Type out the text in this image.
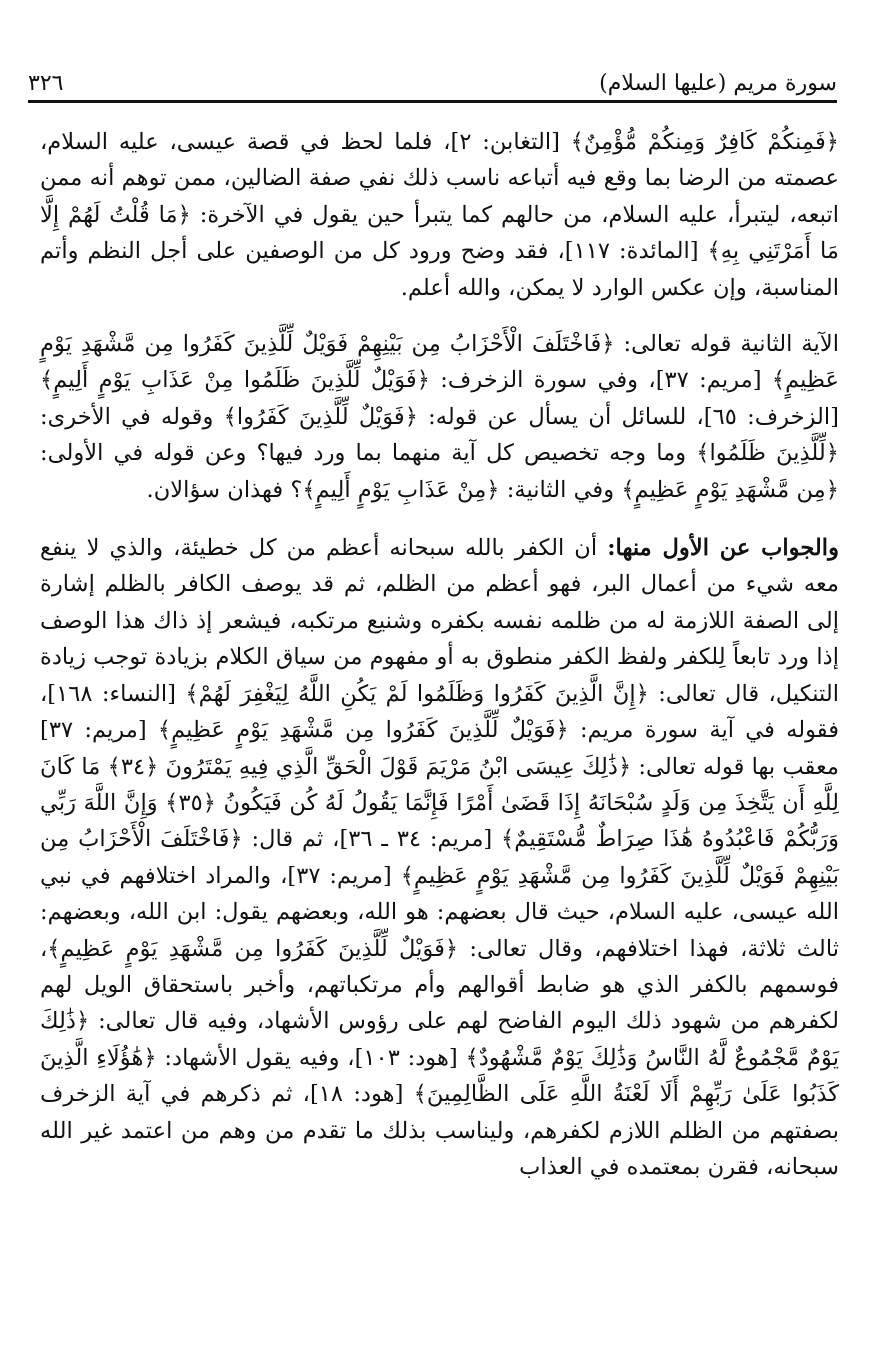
سورة مريم (عليها السلام)
٣٢٦

﴿فَمِنكُمْ كَافِرٌ وَمِنكُمْ مُّؤْمِنٌ﴾ [التغابن: ٢]، فلما لحظ في قصة عيسى، عليه السلام، عصمته من الرضا بما وقع فيه أتباعه ناسب ذلك نفي صفة الضالين، ممن توهم أنه ممن اتبعه، ليتبرأ، عليه السلام، من حالهم كما يتبرأ حين يقول في الآخرة: ﴿مَا قُلْتُ لَهُمْ إِلَّا مَا أَمَرْتَنِي بِهِ﴾ [المائدة: ١١٧]، فقد وضح ورود كل من الوصفين على أجل النظم وأتم المناسبة، وإن عكس الوارد لا يمكن، والله أعلم.

الآية الثانية قوله تعالى: ﴿فَاخْتَلَفَ الْأَحْزَابُ مِن بَيْنِهِمْ فَوَيْلٌ لِّلَّذِينَ كَفَرُوا مِن مَّشْهَدِ يَوْمٍ عَظِيمٍ﴾ [مريم: ٣٧]، وفي سورة الزخرف: ﴿فَوَيْلٌ لِّلَّذِينَ ظَلَمُوا مِنْ عَذَابِ يَوْمٍ أَلِيمٍ﴾ [الزخرف: ٦٥]، للسائل أن يسأل عن قوله: ﴿فَوَيْلٌ لِّلَّذِينَ كَفَرُوا﴾ وقوله في الأخرى: ﴿لِّلَّذِينَ ظَلَمُوا﴾ وما وجه تخصيص كل آية منهما بما ورد فيها؟ وعن قوله في الأولى: ﴿مِن مَّشْهَدِ يَوْمٍ عَظِيمٍ﴾ وفي الثانية: ﴿مِنْ عَذَابِ يَوْمٍ أَلِيمٍ﴾؟ فهذان سؤالان.

والجواب عن الأول منها: أن الكفر بالله سبحانه أعظم من كل خطيئة، والذي لا ينفع معه شيء من أعمال البر، فهو أعظم من الظلم، ثم قد يوصف الكافر بالظلم إشارة إلى الصفة اللازمة له من ظلمه نفسه بكفره وشنيع مرتكبه، فيشعر إذ ذاك هذا الوصف إذا ورد تابعاً لِلكفر ولفظ الكفر منطوق به أو مفهوم من سياق الكلام بزيادة توجب زيادة التنكيل، قال تعالى: ﴿إِنَّ الَّذِينَ كَفَرُوا وَظَلَمُوا لَمْ يَكُنِ اللَّهُ لِيَغْفِرَ لَهُمْ﴾ [النساء: ١٦٨]، فقوله في آية سورة مريم: ﴿فَوَيْلٌ لِّلَّذِينَ كَفَرُوا مِن مَّشْهَدِ يَوْمٍ عَظِيمٍ﴾ [مريم: ٣٧] معقب بها قوله تعالى: ﴿ذَٰلِكَ عِيسَى ابْنُ مَرْيَمَ قَوْلَ الْحَقِّ الَّذِي فِيهِ يَمْتَرُونَ ﴿٣٤﴾ مَا كَانَ لِلَّهِ أَن يَتَّخِذَ مِن وَلَدٍ سُبْحَانَهُ إِذَا قَضَىٰ أَمْرًا فَإِنَّمَا يَقُولُ لَهُ كُن فَيَكُونُ ﴿٣٥﴾ وَإِنَّ اللَّهَ رَبِّي وَرَبُّكُمْ فَاعْبُدُوهُ هَٰذَا صِرَاطٌ مُّسْتَقِيمٌ﴾ [مريم: ٣٤ ـ ٣٦]، ثم قال: ﴿فَاخْتَلَفَ الْأَحْزَابُ مِن بَيْنِهِمْ فَوَيْلٌ لِّلَّذِينَ كَفَرُوا مِن مَّشْهَدِ يَوْمٍ عَظِيمٍ﴾ [مريم: ٣٧]، والمراد اختلافهم في نبي الله عيسى، عليه السلام، حيث قال بعضهم: هو الله، وبعضهم يقول: ابن الله، وبعضهم: ثالث ثلاثة، فهذا اختلافهم، وقال تعالى: ﴿فَوَيْلٌ لِّلَّذِينَ كَفَرُوا مِن مَّشْهَدِ يَوْمٍ عَظِيمٍ﴾، فوسمهم بالكفر الذي هو ضابط أقوالهم وأم مرتكباتهم، وأخبر باستحقاق الويل لهم لكفرهم من شهود ذلك اليوم الفاضح لهم على رؤوس الأشهاد، وفيه قال تعالى: ﴿ذَٰلِكَ يَوْمٌ مَّجْمُوعٌ لَّهُ النَّاسُ وَذَٰلِكَ يَوْمٌ مَّشْهُودٌ﴾ [هود: ١٠٣]، وفيه يقول الأشهاد: ﴿هَٰؤُلَاءِ الَّذِينَ كَذَبُوا عَلَىٰ رَبِّهِمْ أَلَا لَعْنَةُ اللَّهِ عَلَى الظَّالِمِينَ﴾ [هود: ١٨]، ثم ذكرهم في آية الزخرف بصفتهم من الظلم اللازم لكفرهم، وليناسب بذلك ما تقدم من وهم من اعتمد غير الله سبحانه، فقرن بمعتمده في العذاب
